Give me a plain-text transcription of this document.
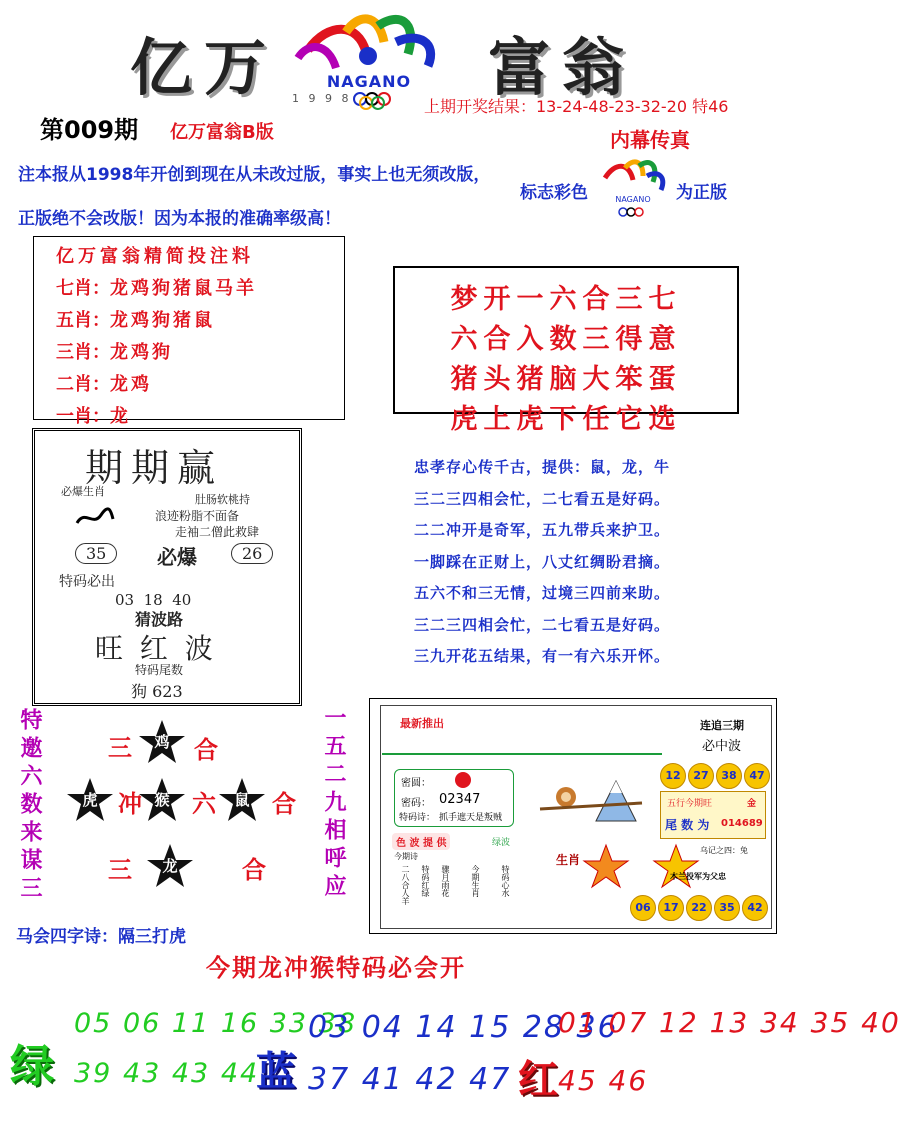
亿万	NAGANO
1 9 9 8 富翁
上期开奖结果：13-24-48-23-32-20 特46
第009期 亿万富翁B版	内幕传真
注本报从1998年开创到现在从未改过版，事实上也无须改版，
正版绝不会改版！因为本报的准确率级高！
标志彩色	NAGANO 为正版
亿万富翁精简投注料
七肖：龙鸡狗猪鼠马羊
五肖：龙鸡狗猪鼠
三肖：龙鸡狗
二肖：龙鸡
一肖：龙
梦开一六合三七
六合入数三得意
猪头猪脑大笨蛋
虎上虎下任它选
期期赢
必爆生肖
肚肠软桃持
浪迹粉脂不面备
走袖二僧此救肆
35	必爆	26
特码必出
03  18  40
猜波路
旺 红 波
特码尾数
狗 623
忠孝存心传千古，提供：鼠，龙，牛
三二三四相会忙，二七看五是好码。
二二冲开是奇军，五九带兵来护卫。
一脚踩在正财上，八丈红绸盼君摘。
五六不和三无情，过境三四前来助。
三二三四相会忙，二七看五是好码。
三九开花五结果，有一有六乐开怀。
特邀六数来谋三	一五二九相呼应
三	鸡	合
虎 冲 猴 六	鼠 合
三	龙	合
马会四字诗：隔三打虎
最新推出	连追三期
必中波
12 27 38 47
密圆：
密码： 02347
特码诗： 抓手遮天是叛贼
五行今期旺	金
尾 数 为 014689
色 波 提 供	绿波
今期诗	生肖
二八合人羊 特码红绿 骤月雨花	今期生肖	特码心水
乌记之四：兔
木兰投军为父忠
06 17 22 35 42
今期龙冲猴特码必会开
绿
05 06 11 16 33 38
39 43 43 44
蓝
03 04 14 15 28 36
37 41 42 47 红
01 07 12 13 34 35 40
45 46
